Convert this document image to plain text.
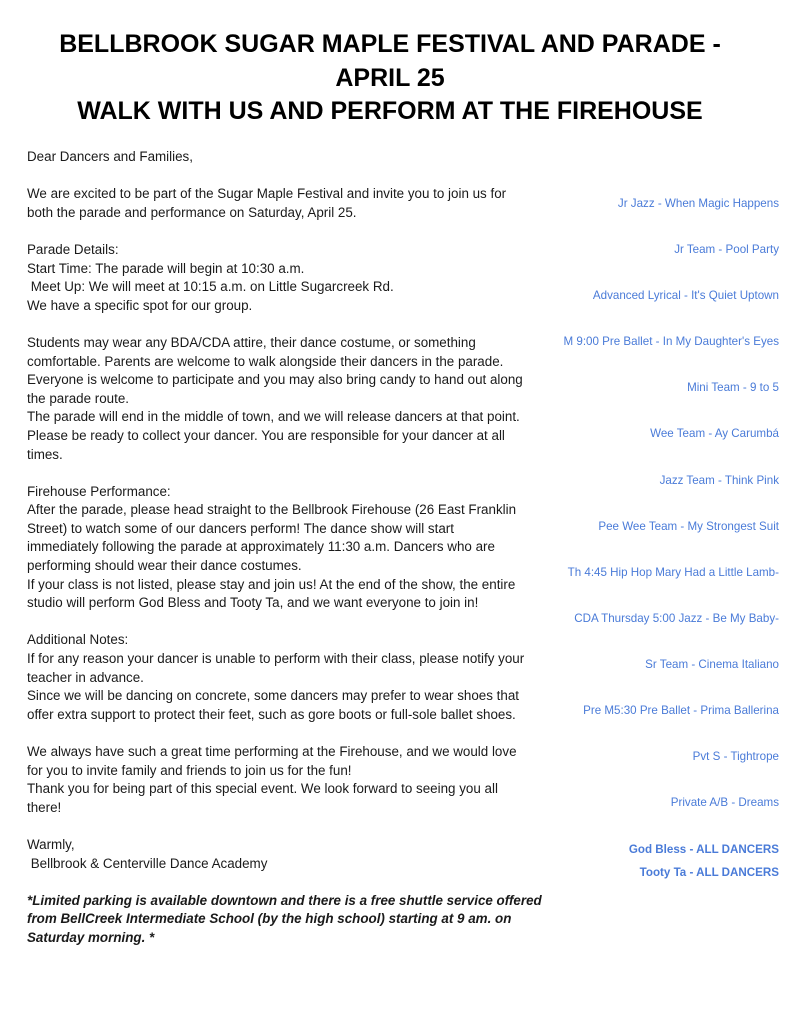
BELLBROOK SUGAR MAPLE FESTIVAL AND PARADE -
APRIL 25
WALK WITH US AND PERFORM AT THE FIREHOUSE
Dear Dancers and Families,
We are excited to be part of the Sugar Maple Festival and invite you to join us for
both the parade and performance on Saturday, April 25.
Parade Details:
Start Time: The parade will begin at 10:30 a.m.
Meet Up: We will meet at 10:15 a.m. on Little Sugarcreek Rd.
We have a specific spot for our group.
Students may wear any BDA/CDA attire, their dance costume, or something
comfortable. Parents are welcome to walk alongside their dancers in the parade.
Everyone is welcome to participate and you may also bring candy to hand out along
the parade route.
The parade will end in the middle of town, and we will release dancers at that point.
Please be ready to collect your dancer. You are responsible for your dancer at all
times.
Firehouse Performance:
After the parade, please head straight to the Bellbrook Firehouse (26 East Franklin
Street) to watch some of our dancers perform! The dance show will start
immediately following the parade at approximately 11:30 a.m. Dancers who are
performing should wear their dance costumes.
If your class is not listed, please stay and join us! At the end of the show, the entire
studio will perform God Bless and Tooty Ta, and we want everyone to join in!
Additional Notes:
If for any reason your dancer is unable to perform with their class, please notify your
teacher in advance.
Since we will be dancing on concrete, some dancers may prefer to wear shoes that
offer extra support to protect their feet, such as gore boots or full-sole ballet shoes.
We always have such a great time performing at the Firehouse, and we would love
for you to invite family and friends to join us for the fun!
Thank you for being part of this special event. We look forward to seeing you all
there!
Warmly,
Bellbrook & Centerville Dance Academy
*Limited parking is available downtown and there is a free shuttle service offered
from BellCreek Intermediate School (by the high school) starting at 9 am. on
Saturday morning. *
Jr Jazz - When Magic Happens
Jr Team - Pool Party
Advanced Lyrical - It's Quiet Uptown
M 9:00 Pre Ballet - In My Daughter's Eyes
Mini Team - 9 to 5
Wee Team - Ay Carumbá
Jazz Team - Think Pink
Pee Wee Team - My Strongest Suit
Th 4:45 Hip Hop Mary Had a Little Lamb-
CDA Thursday 5:00 Jazz - Be My Baby-
Sr Team - Cinema Italiano
Pre M5:30 Pre Ballet - Prima Ballerina
Pvt S - Tightrope
Private A/B - Dreams
God Bless - ALL DANCERS
Tooty Ta - ALL DANCERS
